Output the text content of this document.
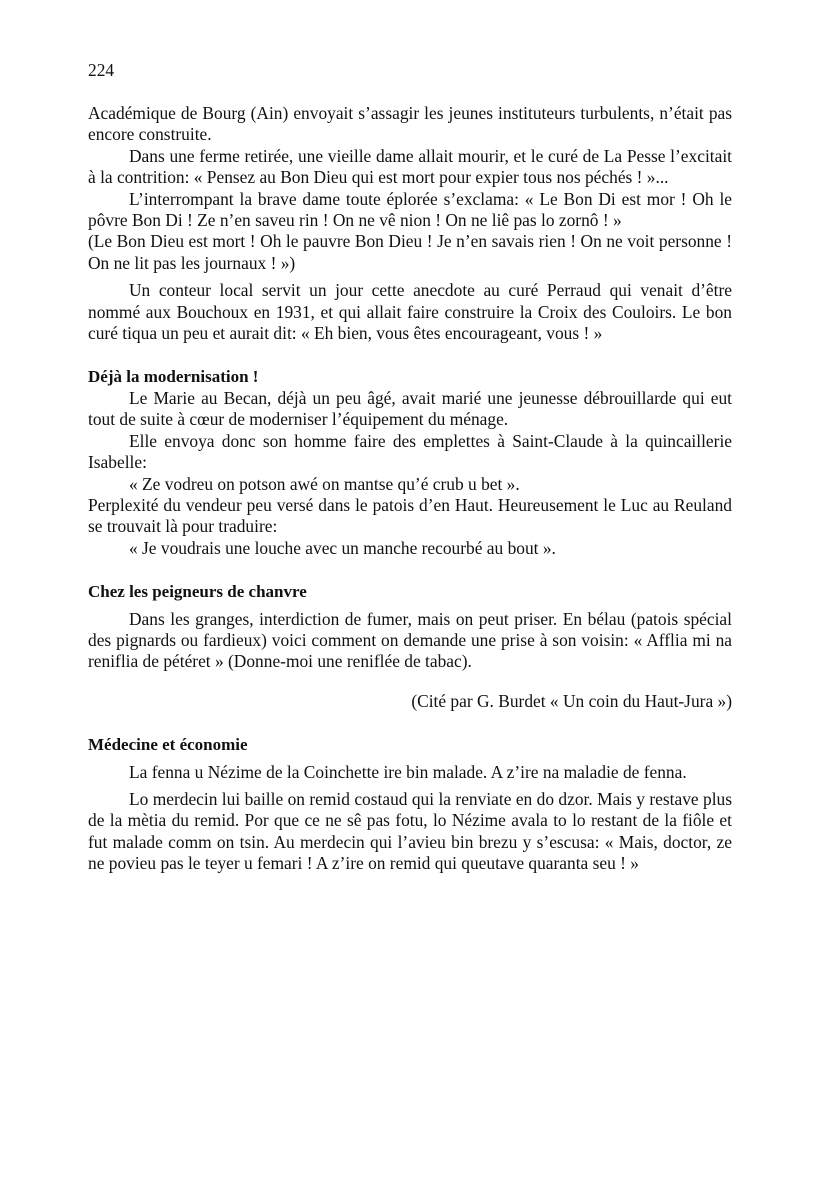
224

Académique de Bourg (Ain) envoyait s’assagir les jeunes instituteurs turbulents, n’était pas encore construite.

Dans une ferme retirée, une vieille dame allait mourir, et le curé de La Pesse l’excitait à la contrition: « Pensez au Bon Dieu qui est mort pour expier tous nos péchés ! »...

L’interrompant la brave dame toute éplorée s’exclama: « Le Bon Di est mor ! Oh le pôvre Bon Di ! Ze n’en saveu rin ! On ne vê nion ! On ne liê pas lo zornô ! »

(Le Bon Dieu est mort ! Oh le pauvre Bon Dieu ! Je n’en savais rien ! On ne voit personne ! On ne lit pas les journaux ! »)

Un conteur local servit un jour cette anecdote au curé Perraud qui venait d’être nommé aux Bouchoux en 1931, et qui allait faire construire la Croix des Couloirs. Le bon curé tiqua un peu et aurait dit: « Eh bien, vous êtes encourageant, vous ! »

Déjà la modernisation !

Le Marie au Becan, déjà un peu âgé, avait marié une jeunesse débrouillarde qui eut tout de suite à cœur de moderniser l’équipement du ménage.

Elle envoya donc son homme faire des emplettes à Saint-Claude à la quincaillerie Isabelle:

« Ze vodreu on potson awé on mantse qu’é crub u bet ».

Perplexité du vendeur peu versé dans le patois d’en Haut. Heureusement le Luc au Reuland se trouvait là pour traduire:

« Je voudrais une louche avec un manche recourbé au bout ».

Chez les peigneurs de chanvre

Dans les granges, interdiction de fumer, mais on peut priser. En bélau (patois spécial des pignards ou fardieux) voici comment on demande une prise à son voisin: « Afflia mi na reniflia de pétéret » (Donne-moi une reniflée de tabac).

(Cité par G. Burdet « Un coin du Haut-Jura »)

Médecine et économie

La fenna u Nézime de la Coinchette ire bin malade. A z’ire na maladie de fenna.

Lo merdecin lui baille on remid costaud qui la renviate en do dzor. Mais y restave plus de la mètia du remid. Por que ce ne sê pas fotu, lo Nézime avala to lo restant de la fiôle et fut malade comm on tsin. Au merdecin qui l’avieu bin brezu y s’escusa: « Mais, doctor, ze ne povieu pas le teyer u femari ! A z’ire on remid qui queutave quaranta seu ! »
